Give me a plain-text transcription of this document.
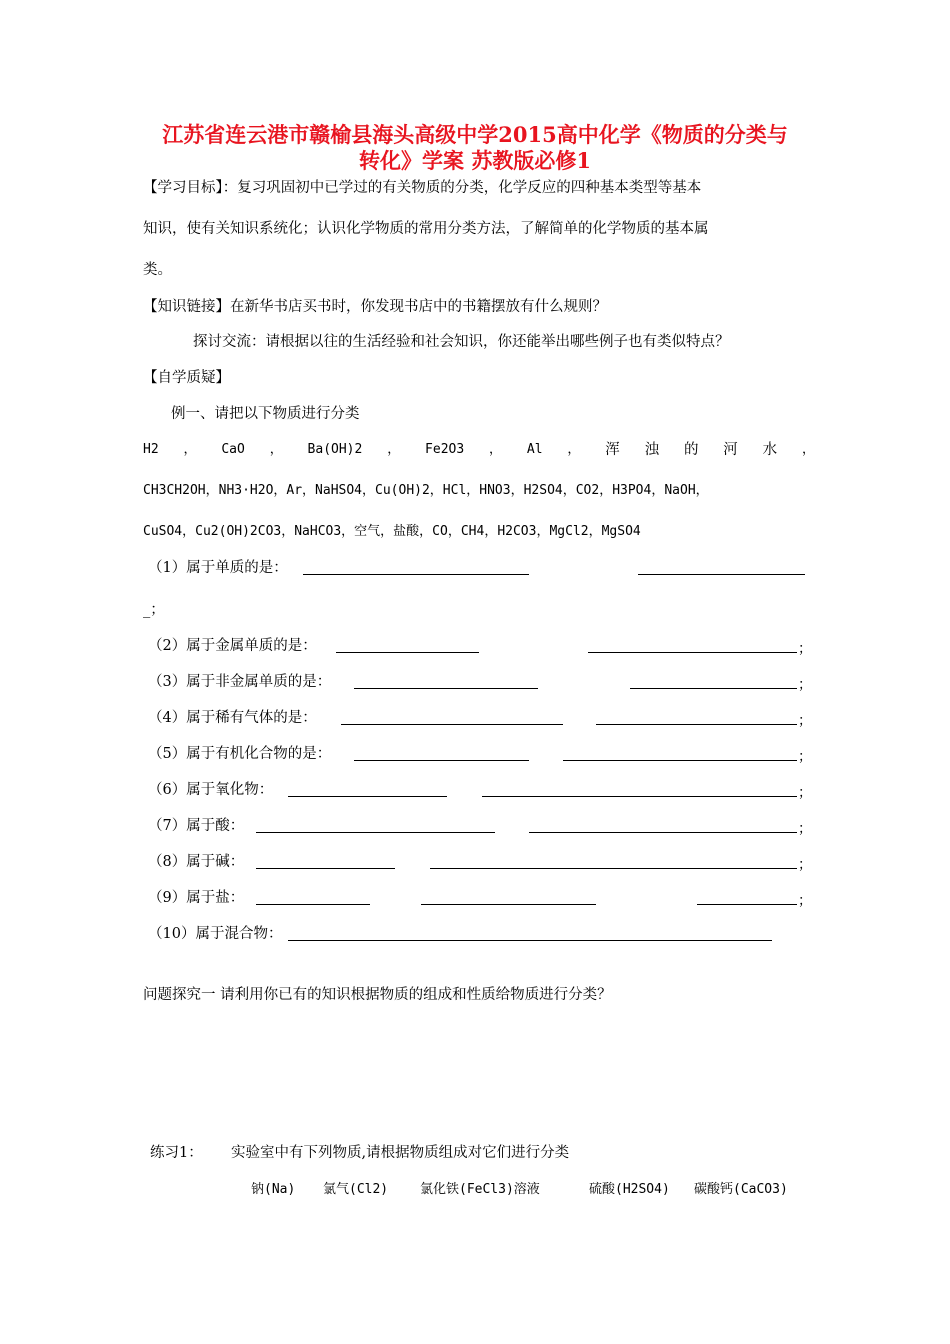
江苏省连云港市赣榆县海头高级中学2015高中化学《物质的分类与
转化》学案 苏教版必修1
【学习目标】：复习巩固初中已学过的有关物质的分类，化学反应的四种基本类型等基本
知识，使有关知识系统化；认识化学物质的常用分类方法，了解简单的化学物质的基本属
类。
【知识链接】在新华书店买书时，你发现书店中的书籍摆放有什么规则？
探讨交流：请根据以往的生活经验和社会知识，你还能举出哪些例子也有类似特点？
【自学质疑】
例一、请把以下物质进行分类
H2 ， CaO ， Ba(OH)2 ， Fe2O3 ， Al ， 浑 浊 的 河 水 ，
CH3CH2OH，NH3·H2O，Ar，NaHSO4，Cu(OH)2，HCl，HNO3，H2SO4，CO2，H3PO4，NaOH，
CuSO4，Cu2(OH)2CO3，NaHCO3，空气，盐酸，CO，CH4，H2CO3，MgCl2，MgSO4
（1）属于单质的是：
_；
（2）属于金属单质的是：	；
（3）属于非金属单质的是：	；
（4）属于稀有气体的是：	；
（5）属于有机化合物的是：	；
（6）属于氧化物：	；
（7）属于酸：	；
（8）属于碱：	；
（9）属于盐：	；
（10）属于混合物：
问题探究一 请利用你已有的知识根据物质的组成和性质给物质进行分类？
练习1： 实验室中有下列物质,请根据物质组成对它们进行分类
钠(Na) 氯气(Cl2) 氯化铁(FeCl3)溶液	硫酸(H2SO4) 碳酸钙(CaCO3)
